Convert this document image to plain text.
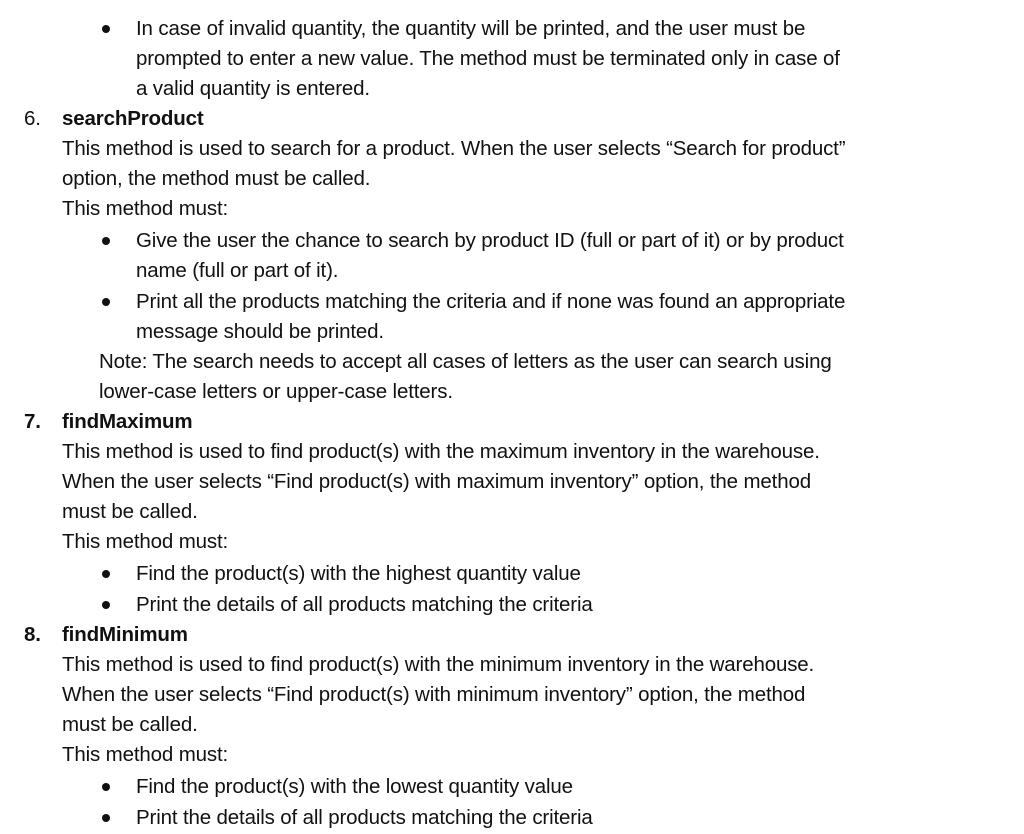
In case of invalid quantity, the quantity will be printed, and the user must be
prompted to enter a new value. The method must be terminated only in case of
a valid quantity is entered.
6. searchProduct
This method is used to search for a product. When the user selects “Search for product”
option, the method must be called.
This method must:
Give the user the chance to search by product ID (full or part of it) or by product
name (full or part of it).
Print all the products matching the criteria and if none was found an appropriate
message should be printed.
Note: The search needs to accept all cases of letters as the user can search using
lower-case letters or upper-case letters.
7. findMaximum
This method is used to find product(s) with the maximum inventory in the warehouse.
When the user selects “Find product(s) with maximum inventory” option, the method
must be called.
This method must:
Find the product(s) with the highest quantity value
Print the details of all products matching the criteria
8. findMinimum
This method is used to find product(s) with the minimum inventory in the warehouse.
When the user selects “Find product(s) with minimum inventory” option, the method
must be called.
This method must:
Find the product(s) with the lowest quantity value
Print the details of all products matching the criteria
